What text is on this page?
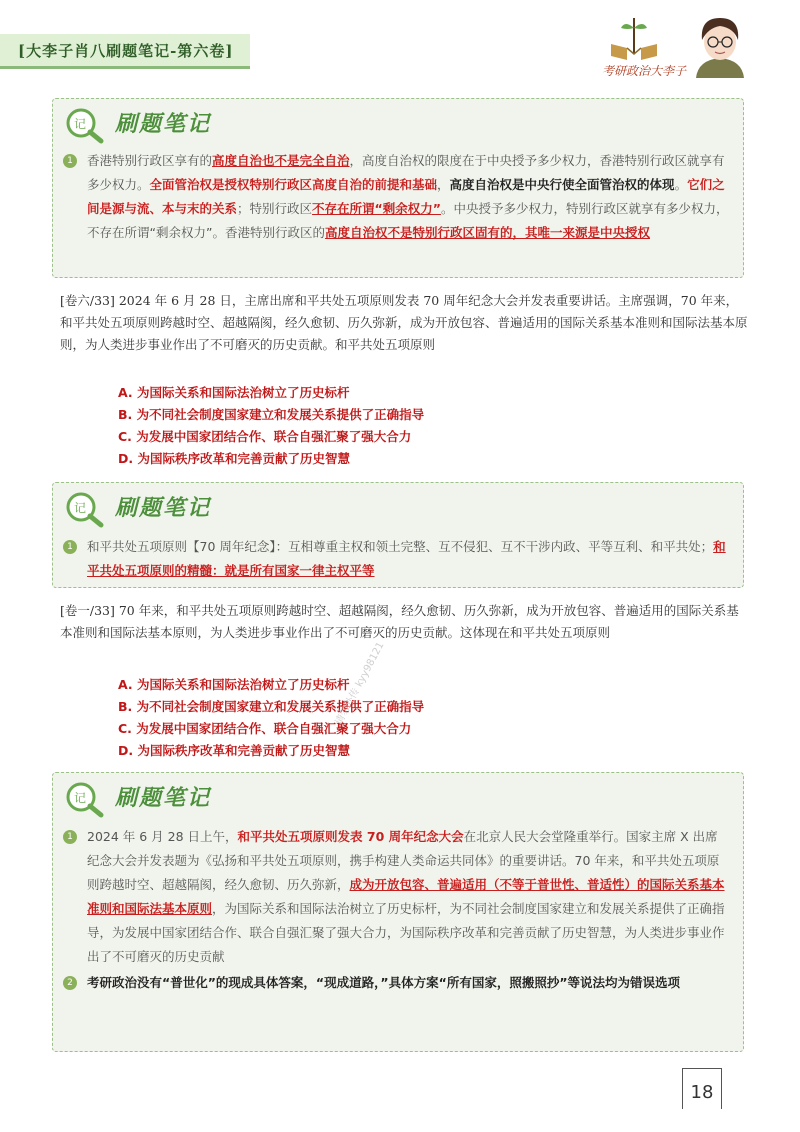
[大李子肖八刷题笔记-第六卷]
考研政治大李子
记 刷题笔记
1	香港特别行政区享有的高度自治也不是完全自治，高度自治权的限度在于中央授予多少权力，香港特别行政区就享有多少权力。全面管治权是授权特别行政区高度自治的前提和基础，高度自治权是中央行使全面管治权的体现。它们之间是源与流、本与末的关系；特别行政区不存在所谓“剩余权力”。中央授予多少权力，特别行政区就享有多少权力，不存在所谓“剩余权力”。香港特别行政区的高度自治权不是特别行政区固有的，其唯一来源是中央授权
[卷六/33] 2024 年 6 月 28 日，主席出席和平共处五项原则发表 70 周年纪念大会并发表重要讲话。主席强调，70 年来，和平共处五项原则跨越时空、超越隔阂，经久愈韧、历久弥新，成为开放包容、普遍适用的国际关系基本准则和国际法基本原则，为人类进步事业作出了不可磨灭的历史贡献。和平共处五项原则
A. 为国际关系和国际法治树立了历史标杆
B. 为不同社会制度国家建立和发展关系提供了正确指导
C. 为发展中国家团结合作、联合自强汇聚了强大合力
D. 为国际秩序改革和完善贡献了历史智慧
记 刷题笔记
1	和平共处五项原则【70 周年纪念】：互相尊重主权和领土完整、互不侵犯、互不干涉内政、平等互利、和平共处；和平共处五项原则的精髓：就是所有国家一律主权平等
[卷一/33] 70 年来，和平共处五项原则跨越时空、超越隔阂，经久愈韧、历久弥新，成为开放包容、普遍适用的国际关系基本准则和国际法基本原则，为人类进步事业作出了不可磨灭的历史贡献。这体现在和平共处五项原则
A. 为国际关系和国际法治树立了历史标杆
B. 为不同社会制度国家建立和发展关系提供了正确指导
C. 为发展中国家团结合作、联合自强汇聚了强大合力
D. 为国际秩序改革和完善贡献了历史智慧
记 刷题笔记
1	2024 年 6 月 28 日上午，和平共处五项原则发表 70 周年纪念大会在北京人民大会堂隆重举行。国家主席 X 出席纪念大会并发表题为《弘扬和平共处五项原则，携手构建人类命运共同体》的重要讲话。70 年来，和平共处五项原则跨越时空、超越隔阂，经久愈韧、历久弥新，成为开放包容、普遍适用（不等于普世性、普适性）的国际关系基本准则和国际法基本原则，为国际关系和国际法治树立了历史标杆，为不同社会制度国家建立和发展关系提供了正确指导，为发展中国家团结合作、联合自强汇聚了强大合力，为国际秩序改革和完善贡献了历史智慧，为人类进步事业作出了不可磨灭的历史贡献
2	考研政治没有“普世化”的现成具体答案，“现成道路，”具体方案“所有国家，照搬照抄”等说法均为错误选项
请勿外传 kyy98121
18
